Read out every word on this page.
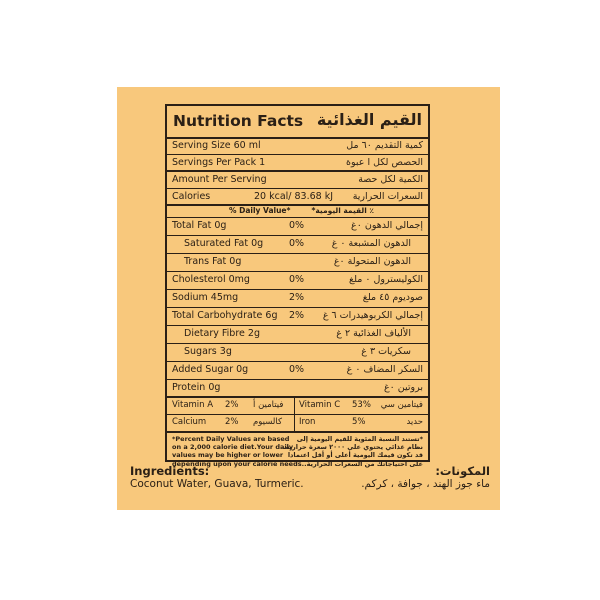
Nutrition Facts القيم الغذائية
Serving Size 60 ml	كمية التقديم ٦٠ مل
Servings Per Pack 1	الحصص لكل ا عبوة
Amount Per Serving	الكمية لكل حصة
Calories	20 kcal/ 83.68 kJ السعرات الحرارية
% Daily Value*	٪ القيمة اليومية*
Total Fat 0g	0%	إجمالي الدهون ٠غ
Saturated Fat 0g	0%	الدهون المشبعة ٠ غ
Trans Fat 0g	الدهون المتحولة ٠غ
Cholesterol 0mg	0%	الكوليسترول ٠ ملغ
Sodium 45mg	2%	صوديوم ٤٥ ملغ
Total Carbohydrate 6g 2% إجمالي الكربوهيدرات ٦ غ
Dietary Fibre 2g	الألياف الغذائية ٢ غ
Sugars 3g	سكريات ٣ غ
Added Sugar 0g	0%	السكر المضاف ٠ غ
Protein 0g	بروتين ٠غ
Vitamin A 2% فيتامين أ Vitamin C 53% فيتامين سي
Calcium 2% كالسيوم Iron	5%	حديد
*Percent Daily Values are based
on a 2,000 calorie diet.Your daily
values may be higher or lower
depending upon your calorie needs.
*تستند النسبة المئوية للقيم اليومية إلى
نظام غذائي يحتوي على ٢٠٠٠ سعرة حرارية.
قد تكون قيمك اليومية أعلى أو أقل اعتمادا
على احتياجاتك من السعرات الحرارية.
Ingredients:
Coconut Water, Guava, Turmeric.
المكونات:
ماء جوز الهند ، جوافة ، كركم.
